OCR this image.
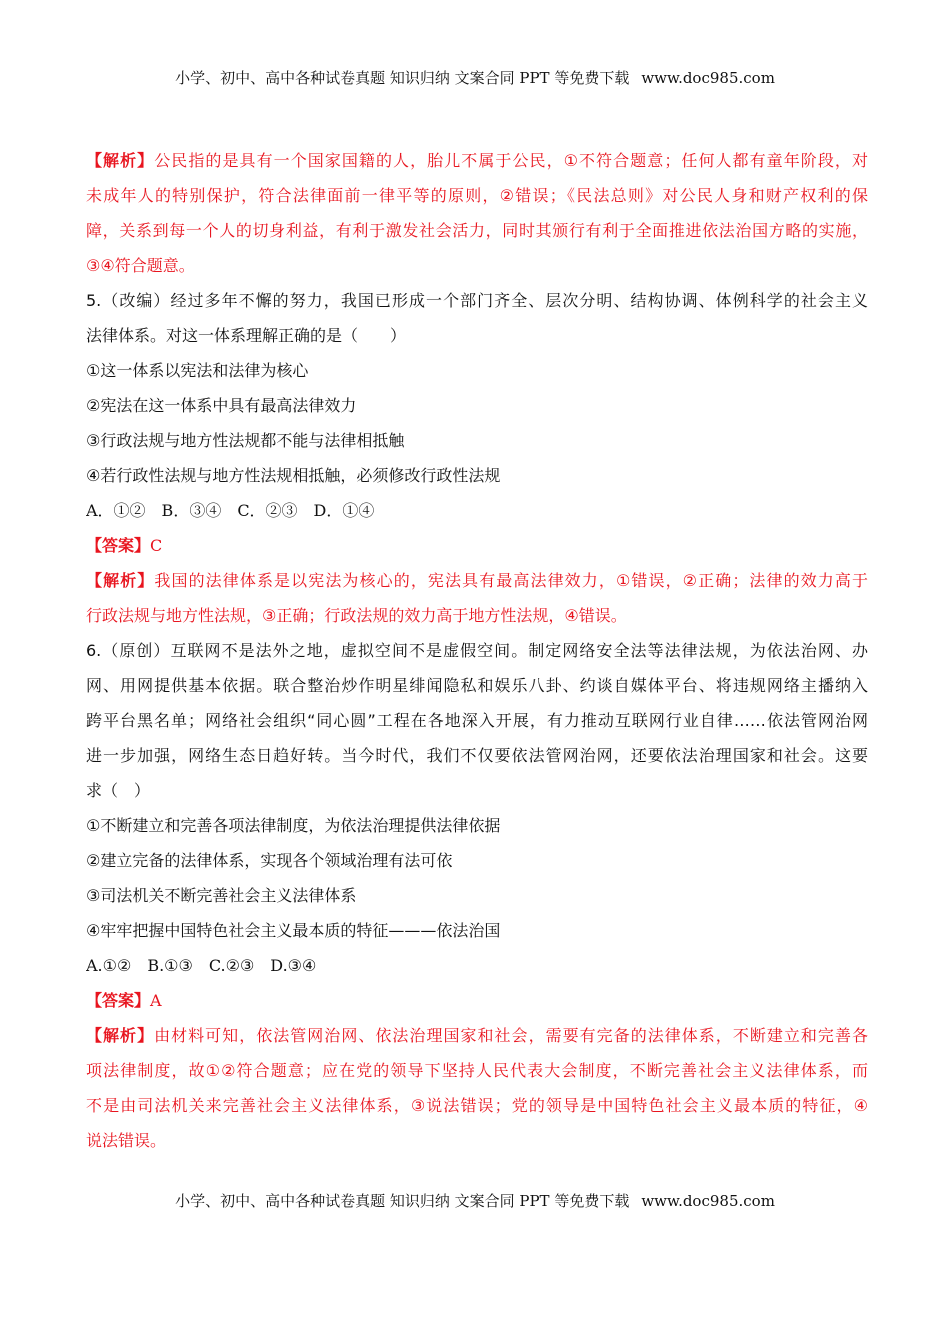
小学、初中、高中各种试卷真题 知识归纳 文案合同 PPT 等免费下载 www.doc985.com
【解析】公民指的是具有一个国家国籍的人，胎儿不属于公民，①不符合题意；任何人都有童年阶段，对
未成年人的特别保护，符合法律面前一律平等的原则，②错误；《民法总则》对公民人身和财产权利的保
障，关系到每一个人的切身利益，有利于激发社会活力，同时其颁行有利于全面推进依法治国方略的实施，
③④符合题意。
5.（改编）经过多年不懈的努力，我国已形成一个部门齐全、层次分明、结构协调、体例科学的社会主义
法律体系。对这一体系理解正确的是（　　）
①这一体系以宪法和法律为核心
②宪法在这一体系中具有最高法律效力
③行政法规与地方性法规都不能与法律相抵触
④若行政性法规与地方性法规相抵触，必须修改行政性法规
A．①②　B．③④　C．②③　D．①④
【答案】C
【解析】我国的法律体系是以宪法为核心的，宪法具有最高法律效力，①错误，②正确；法律的效力高于
行政法规与地方性法规，③正确；行政法规的效力高于地方性法规，④错误。
6.（原创）互联网不是法外之地，虚拟空间不是虚假空间。制定网络安全法等法律法规，为依法治网、办
网、用网提供基本依据。联合整治炒作明星绯闻隐私和娱乐八卦、约谈自媒体平台、将违规网络主播纳入
跨平台黑名单；网络社会组织“同心圆”工程在各地深入开展，有力推动互联网行业自律……依法管网治网
进一步加强，网络生态日趋好转。当今时代，我们不仅要依法管网治网，还要依法治理国家和社会。这要
求（　）
①不断建立和完善各项法律制度，为依法治理提供法律依据
②建立完备的法律体系，实现各个领域治理有法可依
③司法机关不断完善社会主义法律体系
④牢牢把握中国特色社会主义最本质的特征———依法治国
A.①②　B.①③　C.②③　D.③④
【答案】A
【解析】由材料可知，依法管网治网、依法治理国家和社会，需要有完备的法律体系，不断建立和完善各
项法律制度，故①②符合题意；应在党的领导下坚持人民代表大会制度，不断完善社会主义法律体系，而
不是由司法机关来完善社会主义法律体系，③说法错误；党的领导是中国特色社会主义最本质的特征，④
说法错误。
小学、初中、高中各种试卷真题 知识归纳 文案合同 PPT 等免费下载 www.doc985.com
